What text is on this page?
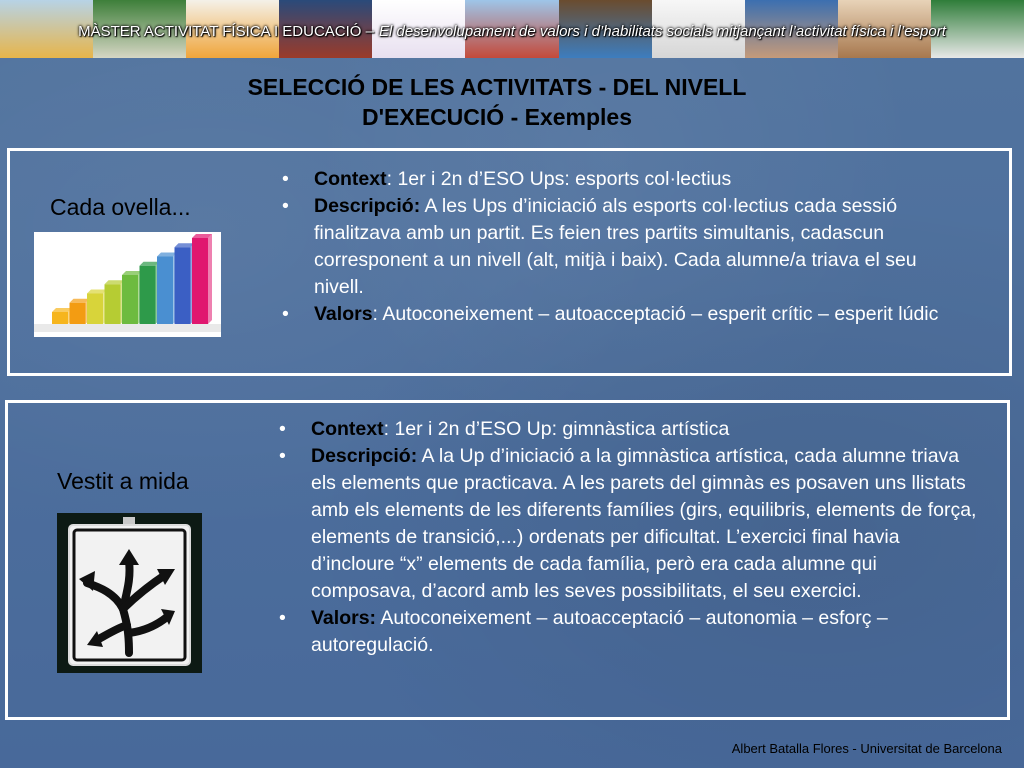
MÀSTER ACTIVITAT FÍSICA I EDUCACIÓ – El desenvolupament de valors i d’habilitats socials mitjançant l’activitat física i l’esport
SELECCIÓ DE LES ACTIVITATS - DEL NIVELL
D'EXECUCIÓ - Exemples
Cada ovella...
• Context: 1er i 2n d’ESO Ups: esports col·lectius
• Descripció: A les Ups d’iniciació als esports col·lectius cada sessió finalitzava amb un partit. Es feien tres partits simultanis, cadascun corresponent a un nivell (alt, mitjà i baix). Cada alumne/a triava el seu nivell.
• Valors: Autoconeixement – autoacceptació – esperit crític – esperit lúdic
Vestit a mida
• Context: 1er i 2n d’ESO Up: gimnàstica artística
• Descripció: A la Up d’iniciació a la gimnàstica artística, cada alumne triava els elements que practicava. A les parets del gimnàs es posaven uns llistats amb els elements de les diferents famílies (girs, equilibris, elements de força, elements de transició,...) ordenats per dificultat. L’exercici final havia d’incloure “x” elements de cada família, però era cada alumne qui composava, d’acord amb les seves possibilitats, el seu exercici.
• Valors: Autoconeixement – autoacceptació – autonomia – esforç – autoregulació.
Albert Batalla Flores - Universitat de Barcelona
